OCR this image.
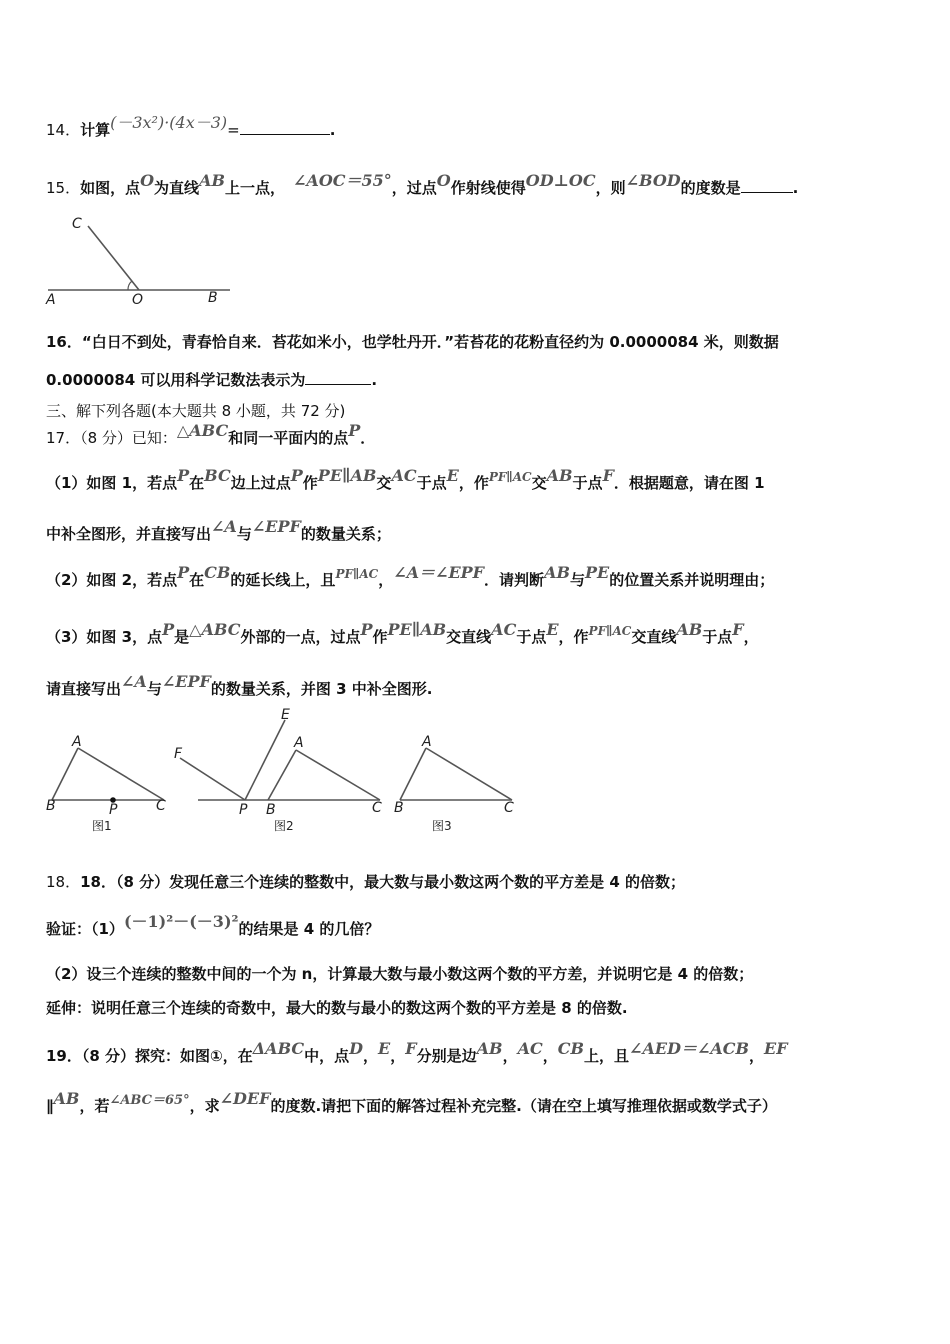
14．计算(－3x²)·(4x－3)=	.
15．如图，点O为直线AB上一点， ∠AOC＝55°，过点O作射线使得OD⊥OC，则∠BOD的度数是	.
C
A	O	B
16．“白日不到处，青春恰自来．苔花如米小，也学牡丹开．”若苔花的花粉直径约为 0.0000084 米，则数据
0.0000084 可以用科学记数法表示为	.
三、解下列各题(本大题共 8 小题，共 72 分)
17．（8 分）已知：△ABC和同一平面内的点P．
（1）如图 1，若点P在BC边上过点P作PE∥AB交AC于点E，作$^{PF\parallel AC}$交AB于点F．根据题意，请在图 1
中补全图形，并直接写出∠A与∠EPF的数量关系；
（2）如图 2，若点P在CB的延长线上，且$^{PF\parallel AC}$，∠A＝∠EPF．请判断AB与PE的位置关系并说明理由；
（3）如图 3，点P是△ABC外部的一点，过点P作PE∥AB交直线AC于点E，作$^{PF\parallel AC}$交直线AB于点F，
请直接写出∠A与∠EPF的数量关系，并图 3 中补全图形.
A
B	C
P
图1
E
F
A
P B	C
图2
A
B	C
图3
18．18．（8 分）发现任意三个连续的整数中，最大数与最小数这两个数的平方差是 4 的倍数；
验证：（1）(－1)²－(－3)²的结果是 4 的几倍？
（2）设三个连续的整数中间的一个为 n，计算最大数与最小数这两个数的平方差，并说明它是 4 的倍数；
延伸：说明任意三个连续的奇数中，最大的数与最小的数这两个数的平方差是 8 的倍数.
19．（8 分）探究：如图①，在ΔABC中，点D，E，F分别是边AB，AC，CB上，且∠AED＝∠ACB，EF
∥AB，若∠ABC＝65°，求∠DEF的度数.请把下面的解答过程补充完整.（请在空上填写推理依据或数学式子）
